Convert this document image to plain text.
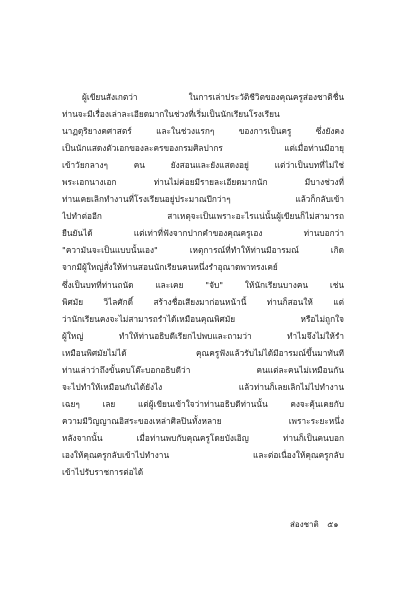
ผู้เขียนสังเกตว่า ในการเล่าประวัติชีวิตของคุณครูส่องชาติชื่น
ท่านจะมีเรื่องเล่าละเอียดมากในช่วงที่เริ่มเป็นนักเรียนโรงเรียน
นาฏดุริยางคศาสตร์ และในช่วงแรกๆ ของการเป็นครู ซึ่งยังคง
เป็นนักแสดงตัวเอกของละครของกรมศิลปากร แต่เมื่อท่านมีอายุ
เข้าวัยกลางๆ คน ยังสอนและยังแสดงอยู่ แต่ว่าเป็นบทที่ไม่ใช่
พระเอกนางเอก ท่านไม่ค่อยมีรายละเอียดมากนัก มีบางช่วงที่
ท่านเคยเลิกทำงานที่โรงเรียนอยู่ประมาณปีกว่าๆ แล้วก็กลับเข้า
ไปทำต่ออีก สาเหตุจะเป็นเพราะอะไรแน่นั้นผู้เขียนก็ไม่สามารถ
ยืนยันได้ แต่เท่าที่ฟังจากปากคำของคุณครูเอง ท่านบอกว่า
"ความันจะเป็นแบบนั้นเอง" เหตุการณ์ที่ทำให้ท่านมีอารมณ์ เกิด
จากมีผู้ใหญ่สั่งให้ท่านสอนนักเรียนคนหนึ่งรำอุณาดพาทรงเคย์
ซึ่งเป็นบทที่ท่านถนัด และเคย "จับ" ให้นักเรียนบางคน เช่น
พิศมัย วิไลศักดิ์ สร้างชื่อเสียงมาก่อนหน้านี้ ท่านก็สอนให้ แต่
ว่านักเรียนคงจะไม่สามารถรำได้เหมือนคุณพิศมัย หรือไม่ถูกใจ
ผู้ใหญ่ ทำให้ท่านอธิบดีเรียกไปพบและถามว่า ทำไมจึงไม่ให้รำ
เหมือนพิศมัยไม่ได้ คุณครูฟังแล้วรับไม่ได้มีอารมณ์ขึ้นมาทันที
ท่านเล่าว่าถึงขั้นตบโต๊ะบอกอธิบดีว่า คนแต่ละคนไม่เหมือนกัน
จะไปทำให้เหมือนกันได้ยังไง แล้วท่านก็เลยเลิกไม่ไปทำงาน
เฉยๆ เลย แต่ผู้เขียนเข้าใจว่าท่านอธิบดีท่านนั้น คงจะคุ้นเคยกับ
ความมีวิญญาณอิสระของเหล่าศิลปินทั้งหลาย เพราะระยะหนึ่ง
หลังจากนั้น เมื่อท่านพบกับคุณครูโดยบังเอิญ ท่านก็เป็นคนบอก
เองให้คุณครูกลับเข้าไปทำงาน และต่อเนื่องให้คุณครูกลับ
เข้าไปรับราชการต่อได้
ส่องชาติ ๕๑
